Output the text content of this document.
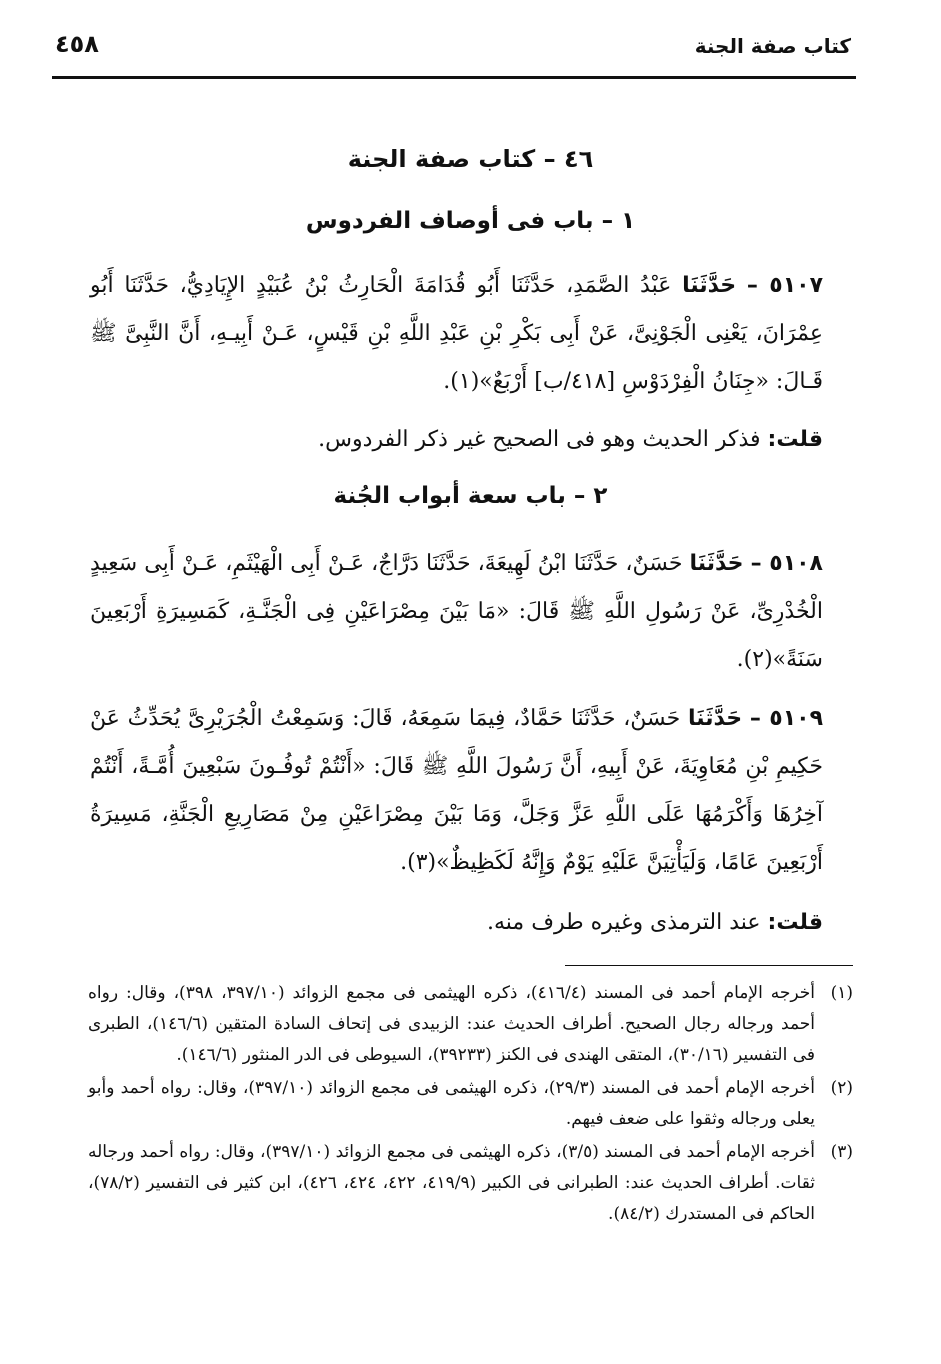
كتاب صفة الجنة
٤٥٨
٤٦ – كتاب صفة الجنة
١ – باب فى أوصاف الفردوس
٥١٠٧ – حَدَّثَنَا عَبْدُ الصَّمَدِ، حَدَّثَنَا أَبُو قُدَامَةَ الْحَارِثُ بْنُ عُبَيْدٍ الإِيَادِيُّ، حَدَّثَنَا أَبُو عِمْرَانَ، يَعْنِى الْجَوْنِىَّ، عَنْ أَبِى بَكْرِ بْنِ عَبْدِ اللَّهِ بْنِ قَيْسٍ، عَـنْ أَبِيـهِ، أَنَّ النَّبِىَّ ﷺ قَـالَ: «جِنَانُ الْفِرْدَوْسِ [٤١٨/ب] أَرْبَعٌ»(١).
قلت: فذكر الحديث وهو فى الصحيح غير ذكر الفردوس.
٢ – باب سعة أبواب الجُنة
٥١٠٨ – حَدَّثَنَا حَسَنٌ، حَدَّثَنَا ابْنُ لَهِيعَةَ، حَدَّثَنَا دَرَّاجٌ، عَـنْ أَبِى الْهَيْثَمِ، عَـنْ أَبِى سَعِيدٍ الْخُدْرِىِّ، عَنْ رَسُولِ اللَّهِ ﷺ قَالَ: «مَا بَيْنَ مِصْرَاعَيْنِ فِى الْجَنَّـةِ، كَمَسِيرَةِ أَرْبَعِينَ سَنَةً»(٢).
٥١٠٩ – حَدَّثَنَا حَسَنٌ، حَدَّثَنَا حَمَّادٌ، فِيمَا سَمِعَهُ، قَالَ: وَسَمِعْتُ الْجُرَيْرِىَّ يُحَدِّثُ عَنْ حَكِيمِ بْنِ مُعَاوِيَةَ، عَنْ أَبِيهِ، أَنَّ رَسُولَ اللَّهِ ﷺ قَالَ: «أَنْتُمْ تُوفُـونَ سَبْعِينَ أُمَّـةً، أَنْتُمْ آخِرُهَا وَأَكْرَمُهَا عَلَى اللَّهِ عَزَّ وَجَلَّ، وَمَا بَيْنَ مِصْرَاعَيْنِ مِنْ مَصَارِيعِ الْجَنَّةِ، مَسِيرَةُ أَرْبَعِينَ عَامًا، وَلَيَأْتِيَنَّ عَلَيْهِ يَوْمٌ وَإِنَّهُ لَكَظِيظٌ»(٣).
قلت: عند الترمذى وغيره طرف منه.
(١)أخرجه الإمام أحمد فى المسند (٤١٦/٤)، ذكره الهيثمى فى مجمع الزوائد (٣٩٧/١٠، ٣٩٨)، وقال: رواه أحمد ورجاله رجال الصحيح. أطراف الحديث عند: الزبيدى فى إتحاف السادة المتقين (١٤٦/٦)، الطبرى فى التفسير (٣٠/١٦)، المتقى الهندى فى الكنز (٣٩٢٣٣)، السيوطى فى الدر المنثور (١٤٦/٦).
(٢)أخرجه الإمام أحمد فى المسند (٢٩/٣)، ذكره الهيثمى فى مجمع الزوائد (٣٩٧/١٠)، وقال: رواه أحمد وأبو يعلى ورجاله وثقوا على ضعف فيهم.
(٣)أخرجه الإمام أحمد فى المسند (٣/٥)، ذكره الهيثمى فى مجمع الزوائد (٣٩٧/١٠)، وقال: رواه أحمد ورجاله ثقات. أطراف الحديث عند: الطبرانى فى الكبير (٤١٩/٩، ٤٢٢، ٤٢٤، ٤٢٦)، ابن كثير فى التفسير (٧٨/٢)، الحاكم فى المستدرك (٨٤/٢).
